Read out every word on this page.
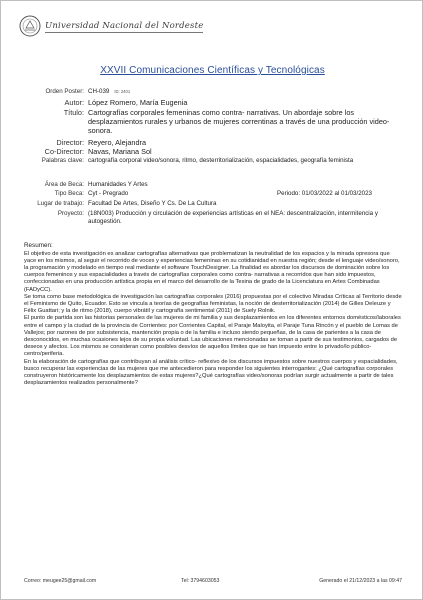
Universidad Nacional del Nordeste
XXVII Comunicaciones Científicas y Tecnológicas
Orden Poster: CH-039 ID: 2401
Autor: López Romero, María Eugenia
Título: Cartografías corporales femeninas como contra- narrativas. Un abordaje sobre los desplazamientos rurales y urbanos de mujeres correntinas a través de una producción video-sonora.
Director: Reyero, Alejandra
Co-Director: Navas, Mariana Sol
Palabras clave: cartografía corporal video/sonora, ritmo, desterritorialización, espacialidades, geografía feminista
Área de Beca: Humanidades Y Artes
Tipo Beca: Cyt - Pregrado	Periodo: 01/03/2022 al 01/03/2023
Lugar de trabajo: Facultad De Artes, Diseño Y Cs. De La Cultura
Proyecto: (18N003) Producción y circulación de experiencias artísticas en el NEA: descentralización, intermitencia y autogestión.
Resumen:

El objetivo de esta investigación es analizar cartografías alternativas que problematizan la neutralidad de los espacios y la mirada opresora que yace en los mismos, al seguir el recorrido de voces y experiencias femeninas en su cotidianidad en nuestra región; desde el lenguaje video/sonoro, la programación y modelado en tiempo real mediante el software TouchDesigner. La finalidad es abordar los discursos de dominación sobre los cuerpos femeninos y sus espacialidades a través de cartografías corporales como contra- narrativas a recorridos que han sido impuestos, confeccionadas en una producción artística propia en el marco del desarrollo de la Tesina de grado de la Licenciatura en Artes Combinadas (FADyCC).

Se toma como base metodológica de investigación las cartografías corporales (2016) propuestas por el colectivo Miradas Críticas al Territorio desde el Feminismo de Quito, Ecuador. Esto se vincula a teorías de geografías feministas, la noción de desterritorialización (2014) de Gilles Deleuze y Félix Guattari; y la de ritmo (2018), cuerpo vibrátil y cartografía sentimental (2011) de Suely Rolnik.

El punto de partida son las historias personales de las mujeres de mi familia y sus desplazamientos en los diferentes entornos domésticos/laborales entre el campo y la ciudad de la provincia de Corrientes: por Corrientes Capital, el Paraje Maloyita, el Paraje Tuna Rincón y el pueblo de Lomas de Vallejos; por razones de por subsistencia, mantención propia o de la familia e incluso siendo pequeñas, de la casa de parientes a la casa de desconocidos, en muchas ocasiones lejos de su propia voluntad. Las ubicaciones mencionadas se toman a partir de sus testimonios, cargados de deseos y afectos. Los mismos se consideran como posibles desvíos de aquellos límites que se han impuesto entre lo privado/lo público- centro/periferia.

En la elaboración de cartografías que contribuyan al análisis crítico- reflexivo de los discursos impuestos sobre nuestros cuerpos y espacialidades, busco recuperar las experiencias de las mujeres que me antecedieron para responder los siguientes interrogantes: ¿Qué cartografías corporales construyeron históricamente los desplazamientos de estas mujeres?¿Qué cartografías video/sonoras podrían surgir actualmente a partir de tales desplazamientos realizados personalmente?

Correo: meugee25@gmail.com	Tel: 3794603053	Generado el 21/12/2023 a las 09:47
